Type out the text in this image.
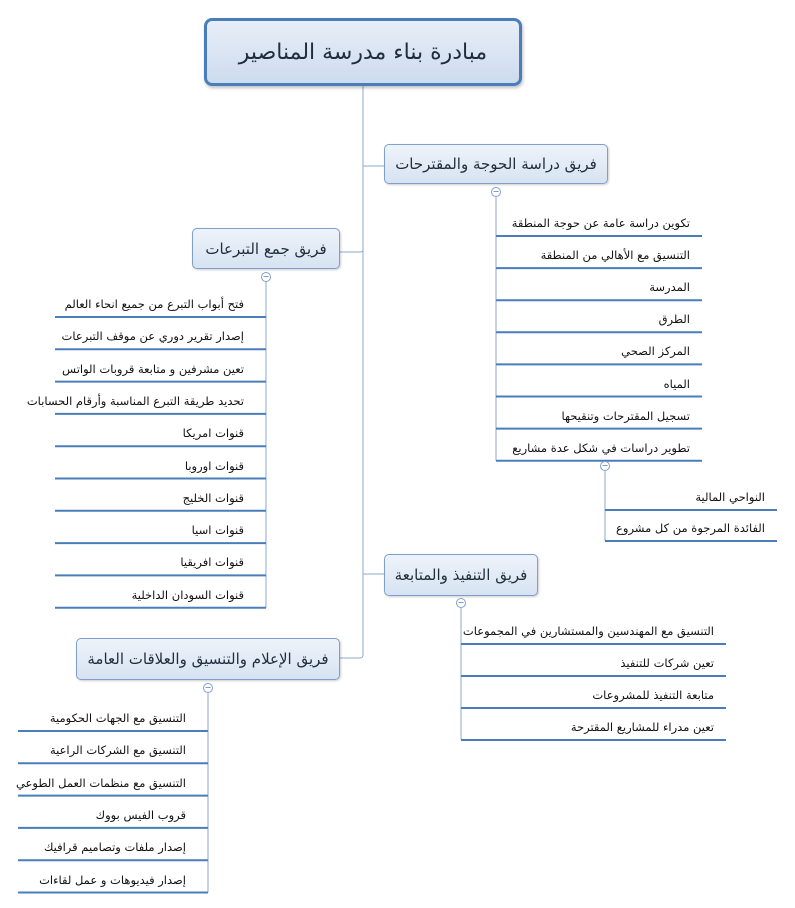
مبادرة بناء مدرسة المناصير
فريق دراسة الحوجة والمقترحات
فريق جمع التبرعات
فريق التنفيذ والمتابعة
فريق الإعلام والتنسيق والعلاقات العامة
−
تكوين دراسة عامة عن حوجة المنطقة
التنسيق مع الأهالي من المنطقة
المدرسة
الطرق
المركز الصحي
المياه
تسجيل المقترحات وتنقيحها
تطوير دراسات في شكل عدة مشاريع
−
النواحي المالية
الفائدة المرجوة من كل مشروع
−
فتح أبواب التبرع من جميع انحاء العالم
إصدار تقرير دوري عن موقف التبرعات
تعين مشرفين و متابعة قروبات الواتس
تحديد طريقة التبرع المناسبة وأرقام الحسابات
قنوات امريكا
قنوات اوروبا
قنوات الخليج
قنوات اسيا
قنوات افريقيا
قنوات السودان الداخلية
−
التنسيق مع المهندسين والمستشارين في المجموعات
تعين شركات للتنفيذ
متابعة التنفيذ للمشروعات
تعين مدراء للمشاريع المقترحة
−
التنسيق مع الجهات الحكومية
التنسيق مع الشركات الراعية
التنسيق مع منظمات العمل الطوعي
قروب الفيس بووك
إصدار ملفات وتصاميم قرافيك
إصدار فيديوهات و عمل لقاءات
